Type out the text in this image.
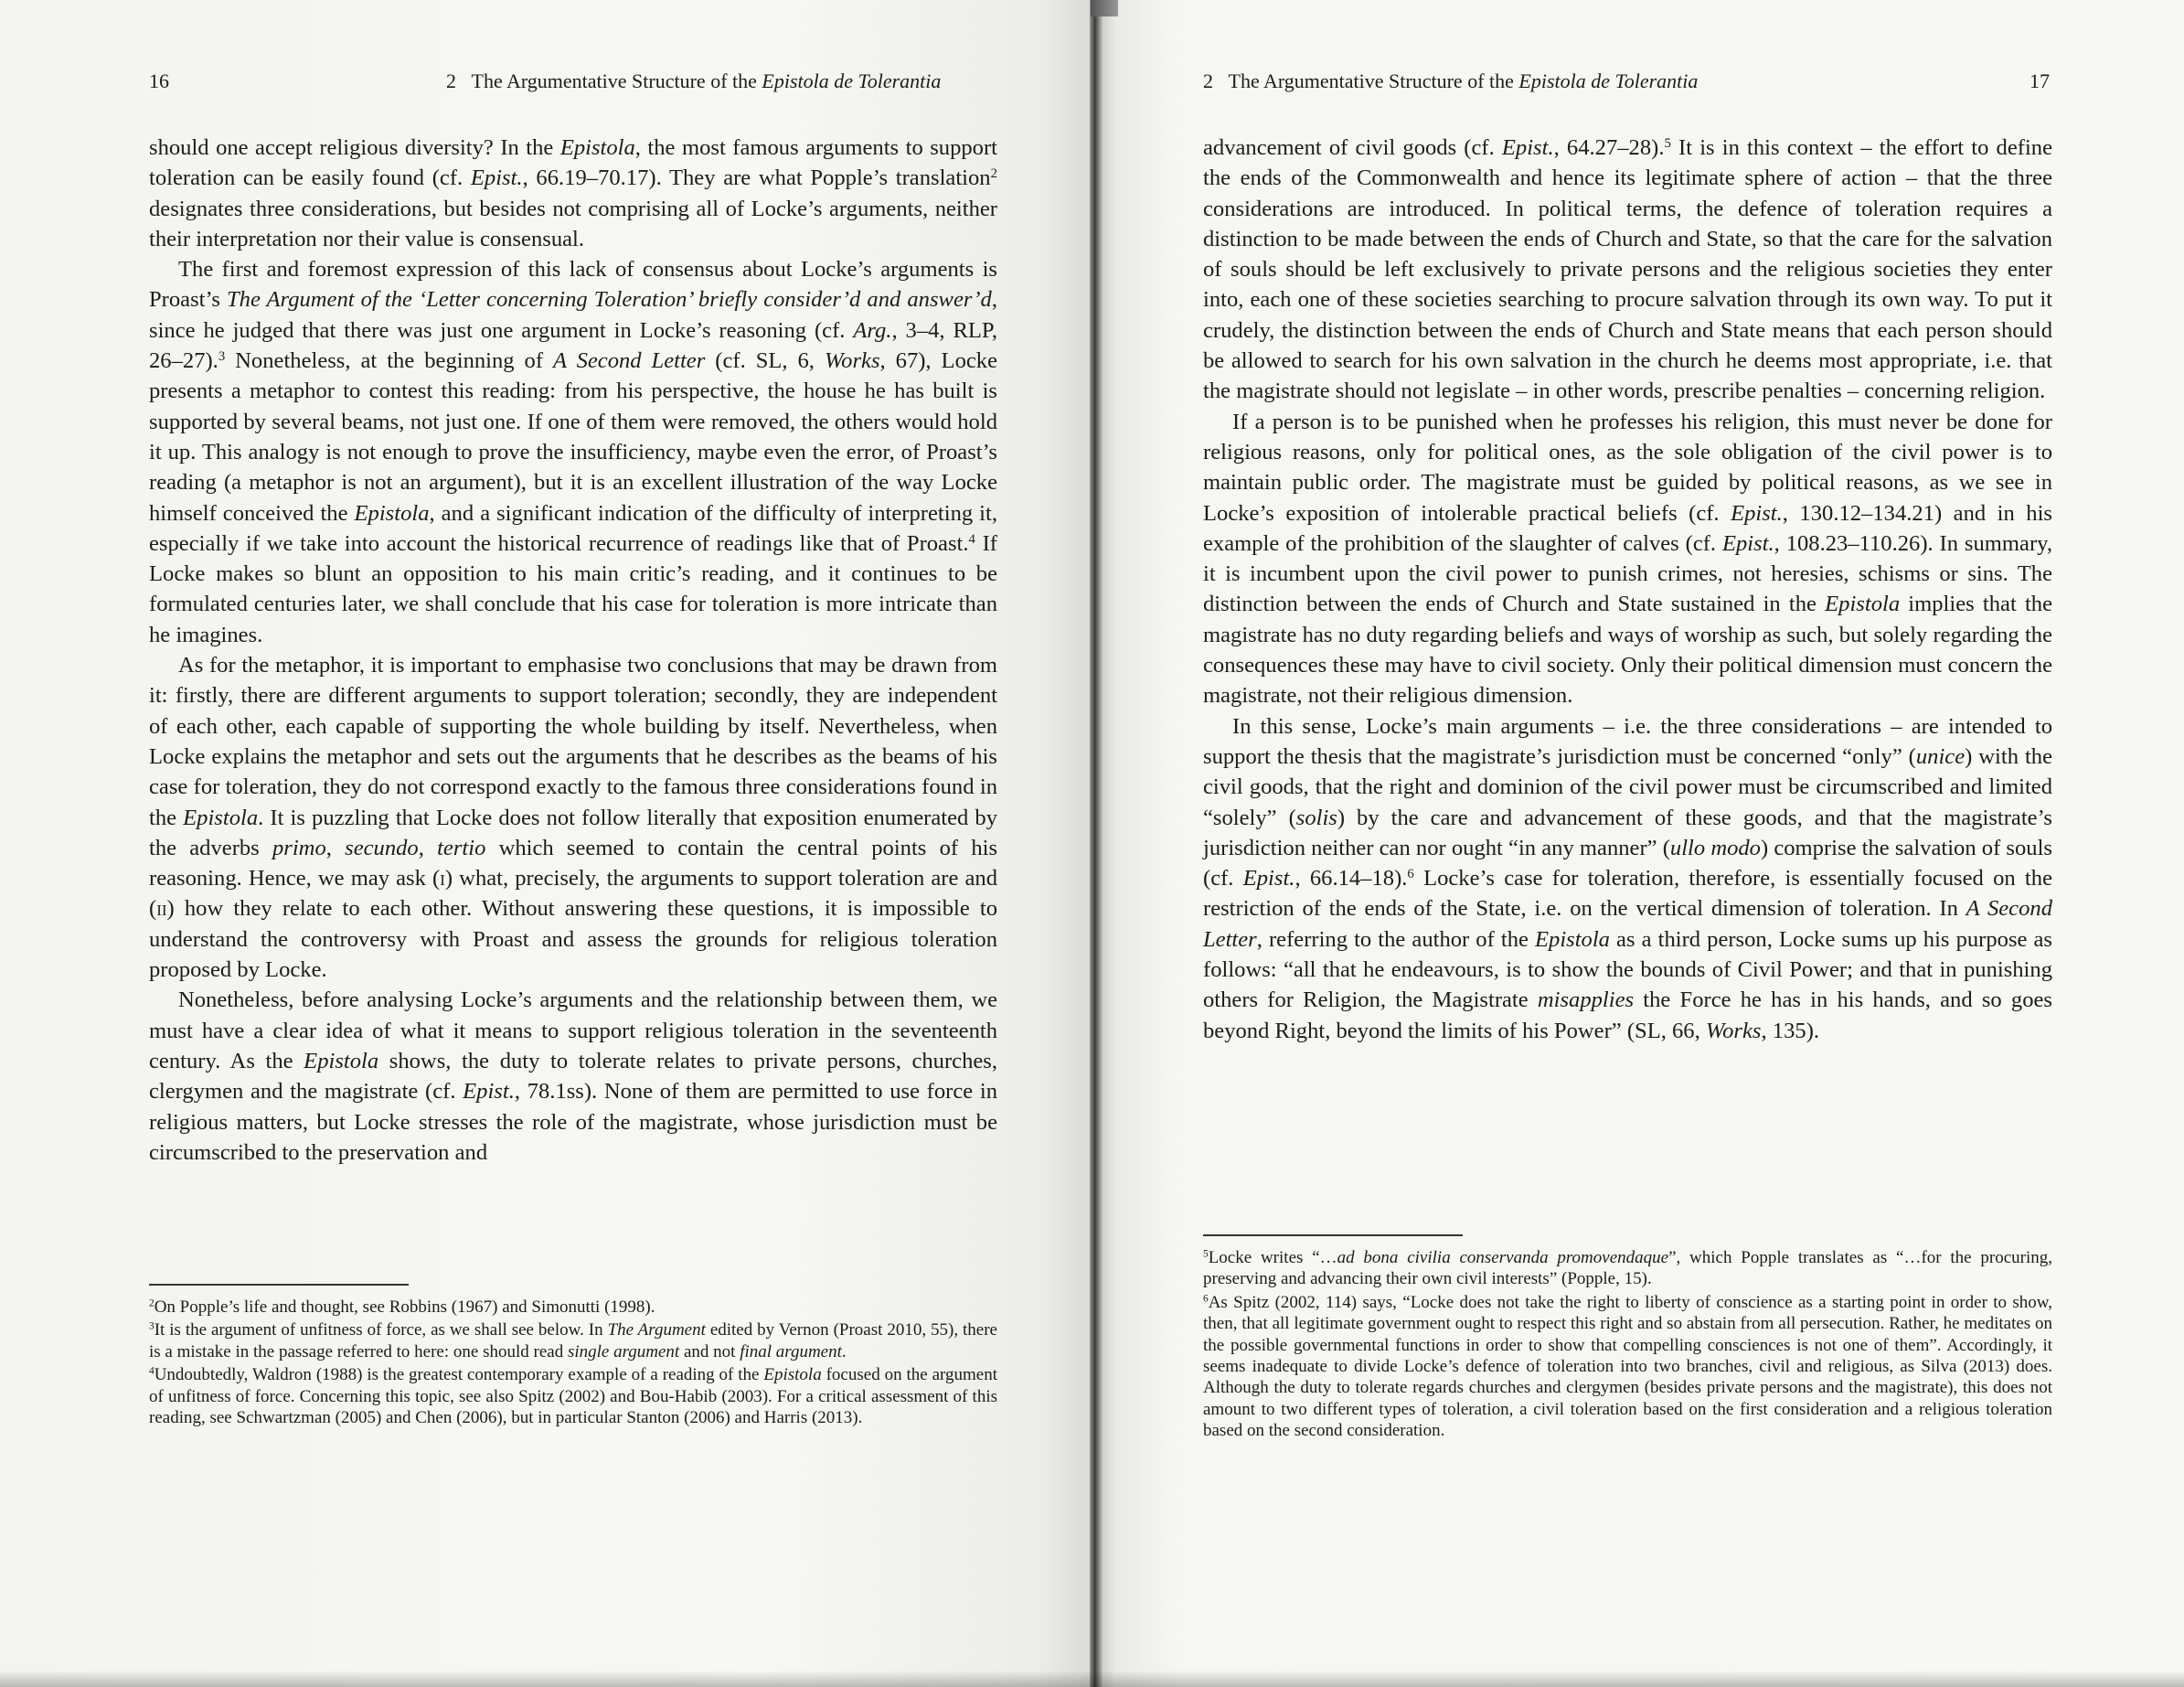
16	2 The Argumentative Structure of the Epistola de Tolerantia

should one accept religious diversity? In the Epistola, the most famous arguments to support toleration can be easily found (cf. Epist., 66.19–70.17). They are what Popple’s translation$^2$ designates three considerations, but besides not comprising all of Locke’s arguments, neither their interpretation nor their value is consensual.

The first and foremost expression of this lack of consensus about Locke’s arguments is Proast’s The Argument of the ‘Letter concerning Toleration’ briefly consider’d and answer’d, since he judged that there was just one argument in Locke’s reasoning (cf. Arg., 3–4, RLP, 26–27).$^3$ Nonetheless, at the beginning of A Second Letter (cf. SL, 6, Works, 67), Locke presents a metaphor to contest this reading: from his perspective, the house he has built is supported by several beams, not just one. If one of them were removed, the others would hold it up. This analogy is not enough to prove the insufficiency, maybe even the error, of Proast’s reading (a metaphor is not an argument), but it is an excellent illustration of the way Locke himself conceived the Epistola, and a significant indication of the difficulty of interpreting it, especially if we take into account the historical recurrence of readings like that of Proast.$^4$ If Locke makes so blunt an opposition to his main critic’s reading, and it continues to be formulated centuries later, we shall conclude that his case for toleration is more intricate than he imagines.

As for the metaphor, it is important to emphasise two conclusions that may be drawn from it: firstly, there are different arguments to support toleration; secondly, they are independent of each other, each capable of supporting the whole building by itself. Nevertheless, when Locke explains the metaphor and sets out the arguments that he describes as the beams of his case for toleration, they do not correspond exactly to the famous three considerations found in the Epistola. It is puzzling that Locke does not follow literally that exposition enumerated by the adverbs primo, secundo, tertio which seemed to contain the central points of his reasoning. Hence, we may ask (i) what, precisely, the arguments to support toleration are and (ii) how they relate to each other. Without answering these questions, it is impossible to understand the controversy with Proast and assess the grounds for religious toleration proposed by Locke.

Nonetheless, before analysing Locke’s arguments and the relationship between them, we must have a clear idea of what it means to support religious toleration in the seventeenth century. As the Epistola shows, the duty to tolerate relates to private persons, churches, clergymen and the magistrate (cf. Epist., 78.1ss). None of them are permitted to use force in religious matters, but Locke stresses the role of the magistrate, whose jurisdiction must be circumscribed to the preservation and

$^2$On Popple’s life and thought, see Robbins (1967) and Simonutti (1998).

$^3$It is the argument of unfitness of force, as we shall see below. In The Argument edited by Vernon (Proast 2010, 55), there is a mistake in the passage referred to here: one should read single argument and not final argument.

$^4$Undoubtedly, Waldron (1988) is the greatest contemporary example of a reading of the Epistola focused on the argument of unfitness of force. Concerning this topic, see also Spitz (2002) and Bou-Habib (2003). For a critical assessment of this reading, see Schwartzman (2005) and Chen (2006), but in particular Stanton (2006) and Harris (2013).

2 The Argumentative Structure of the Epistola de Tolerantia	17

advancement of civil goods (cf. Epist., 64.27–28).$^5$ It is in this context – the effort to define the ends of the Commonwealth and hence its legitimate sphere of action – that the three considerations are introduced. In political terms, the defence of toleration requires a distinction to be made between the ends of Church and State, so that the care for the salvation of souls should be left exclusively to private persons and the religious societies they enter into, each one of these societies searching to procure salvation through its own way. To put it crudely, the distinction between the ends of Church and State means that each person should be allowed to search for his own salvation in the church he deems most appropriate, i.e. that the magistrate should not legislate – in other words, prescribe penalties – concerning religion.

If a person is to be punished when he professes his religion, this must never be done for religious reasons, only for political ones, as the sole obligation of the civil power is to maintain public order. The magistrate must be guided by political reasons, as we see in Locke’s exposition of intolerable practical beliefs (cf. Epist., 130.12–134.21) and in his example of the prohibition of the slaughter of calves (cf. Epist., 108.23–110.26). In summary, it is incumbent upon the civil power to punish crimes, not heresies, schisms or sins. The distinction between the ends of Church and State sustained in the Epistola implies that the magistrate has no duty regarding beliefs and ways of worship as such, but solely regarding the consequences these may have to civil society. Only their political dimension must concern the magistrate, not their religious dimension.

In this sense, Locke’s main arguments – i.e. the three considerations – are intended to support the thesis that the magistrate’s jurisdiction must be concerned “only” (unice) with the civil goods, that the right and dominion of the civil power must be circumscribed and limited “solely” (solis) by the care and advancement of these goods, and that the magistrate’s jurisdiction neither can nor ought “in any manner” (ullo modo) comprise the salvation of souls (cf. Epist., 66.14–18).$^6$ Locke’s case for toleration, therefore, is essentially focused on the restriction of the ends of the State, i.e. on the vertical dimension of toleration. In A Second Letter, referring to the author of the Epistola as a third person, Locke sums up his purpose as follows: “all that he endeavours, is to show the bounds of Civil Power; and that in punishing others for Religion, the Magistrate misapplies the Force he has in his hands, and so goes beyond Right, beyond the limits of his Power” (SL, 66, Works, 135).

$^5$Locke writes “…ad bona civilia conservanda promovendaque”, which Popple translates as “…for the procuring, preserving and advancing their own civil interests” (Popple, 15).

$^6$As Spitz (2002, 114) says, “Locke does not take the right to liberty of conscience as a starting point in order to show, then, that all legitimate government ought to respect this right and so abstain from all persecution. Rather, he meditates on the possible governmental functions in order to show that compelling consciences is not one of them”. Accordingly, it seems inadequate to divide Locke’s defence of toleration into two branches, civil and religious, as Silva (2013) does. Although the duty to tolerate regards churches and clergymen (besides private persons and the magistrate), this does not amount to two different types of toleration, a civil toleration based on the first consideration and a religious toleration based on the second consideration.
